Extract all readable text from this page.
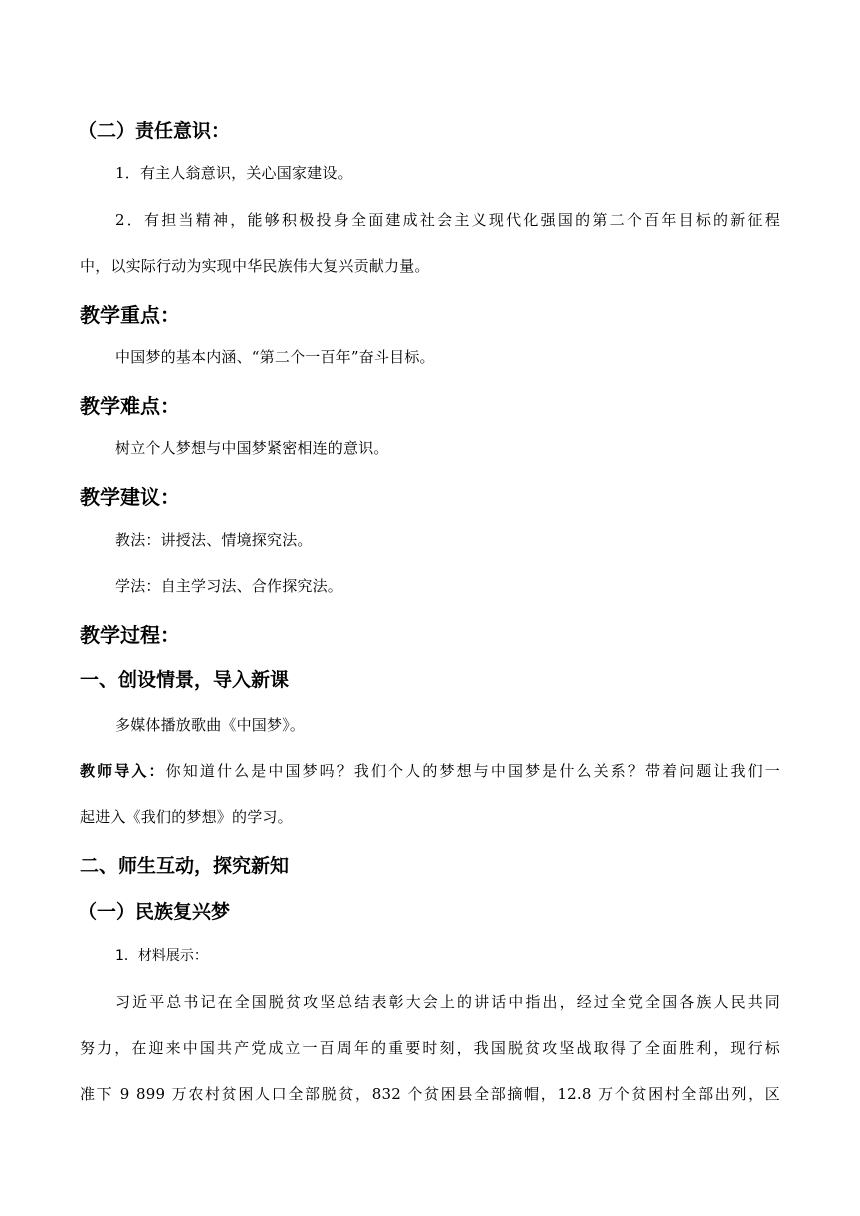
（二）责任意识：
1．有主人翁意识，关心国家建设。
2．有担当精神，能够积极投身全面建成社会主义现代化强国的第二个百年目标的新征程
中，以实际行动为实现中华民族伟大复兴贡献力量。
教学重点：
中国梦的基本内涵、“第二个一百年”奋斗目标。
教学难点：
树立个人梦想与中国梦紧密相连的意识。
教学建议：
教法：讲授法、情境探究法。
学法：自主学习法、合作探究法。
教学过程：
一、创设情景，导入新课
多媒体播放歌曲《中国梦》。
教师导入：你知道什么是中国梦吗？我们个人的梦想与中国梦是什么关系？带着问题让我们一
起进入《我们的梦想》的学习。
二、师生互动，探究新知
（一）民族复兴梦
1．材料展示：
习近平总书记在全国脱贫攻坚总结表彰大会上的讲话中指出，经过全党全国各族人民共同
努力，在迎来中国共产党成立一百周年的重要时刻，我国脱贫攻坚战取得了全面胜利，现行标
准下 9 899 万农村贫困人口全部脱贫，832 个贫困县全部摘帽，12.8 万个贫困村全部出列，区
